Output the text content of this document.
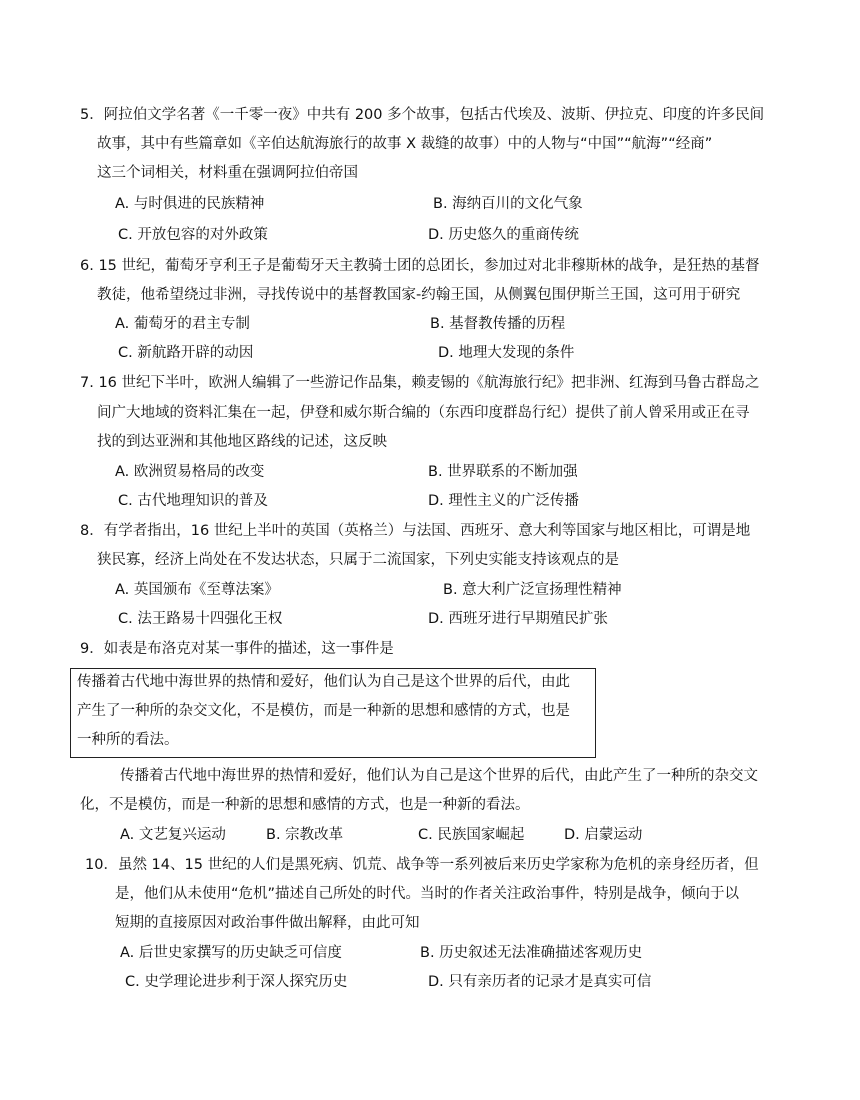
5．阿拉伯文学名著《一千零一夜》中共有 200 多个故事，包括古代埃及、波斯、伊拉克、印度的许多民间
故事，其中有些篇章如《辛伯达航海旅行的故事 X 裁缝的故事）中的人物与“中国”“航海”“经商”
这三个词相关，材料重在强调阿拉伯帝国
A. 与时俱进的民族精神	B. 海纳百川的文化气象
C. 开放包容的对外政策	D. 历史悠久的重商传统
6. 15 世纪，葡萄牙亨利王子是葡萄牙天主教骑士团的总团长，参加过对北非穆斯林的战争，是狂热的基督
教徒，他希望绕过非洲，寻找传说中的基督教国家-约翰王国，从侧翼包围伊斯兰王国，这可用于研究
A. 葡萄牙的君主专制	B. 基督教传播的历程
C. 新航路开辟的动因	D. 地理大发现的条件
7. 16 世纪下半叶，欧洲人编辑了一些游记作品集，赖麦锡的《航海旅行纪》把非洲、红海到马鲁古群岛之
间广大地域的资料汇集在一起，伊登和威尔斯合编的（东西印度群岛行纪）提供了前人曾采用或正在寻
找的到达亚洲和其他地区路线的记述，这反映
A. 欧洲贸易格局的改变	B. 世界联系的不断加强
C. 古代地理知识的普及	D. 理性主义的广泛传播
8．有学者指出，16 世纪上半叶的英国（英格兰）与法国、西班牙、意大利等国家与地区相比，可谓是地
狭民寡，经济上尚处在不发达状态，只属于二流国家，下列史实能支持该观点的是
A. 英国颁布《至尊法案》	B. 意大利广泛宣扬理性精神
C. 法王路易十四强化王权	D. 西班牙进行早期殖民扩张
9．如表是布洛克对某一事件的描述，这一事件是
传播着古代地中海世界的热情和爱好，他们认为自己是这个世界的后代，由此
产生了一种所的杂交文化，不是模仿，而是一种新的思想和感情的方式，也是
一种所的看法。
传播着古代地中海世界的热情和爱好，他们认为自己是这个世界的后代，由此产生了一种所的杂交文
化，不是模仿，而是一种新的思想和感情的方式，也是一种新的看法。
A. 文艺复兴运动	B. 宗教改革	C. 民族国家崛起	D. 启蒙运动
10．虽然 14、15 世纪的人们是黑死病、饥荒、战争等一系列被后来历史学家称为危机的亲身经历者，但
是，他们从未使用“危机”描述自己所处的时代。当时的作者关注政治事件，特别是战争，倾向于以
短期的直接原因对政治事件做出解释，由此可知
A. 后世史家撰写的历史缺乏可信度	B. 历史叙述无法准确描述客观历史
C. 史学理论进步利于深人探究历史	D. 只有亲历者的记录才是真实可信
